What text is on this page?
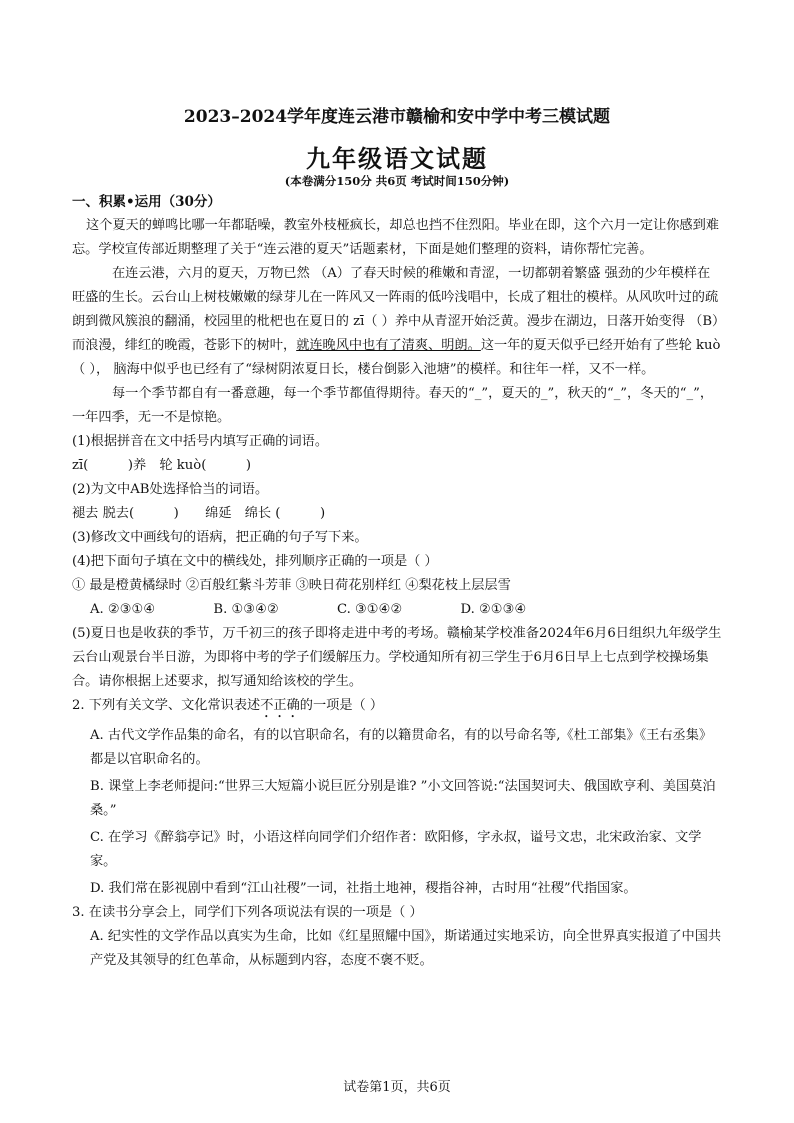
2023–2024学年度连云港市赣榆和安中学中考三模试题
九年级语文试题
(本卷满分150分 共6页 考试时间150分钟)

一、积累•运用（30分）

这个夏天的蝉鸣比哪一年都聒噪，教室外枝桠疯长，却总也挡不住烈阳。毕业在即，这个六月一定让你感到难忘。学校宣传部近期整理了关于“连云港的夏天”话题素材，下面是她们整理的资料，请你帮忙完善。

在连云港，六月的夏天，万物已然 （A）了春天时候的稚嫩和青涩，一切都朝着繁盛 强劲的少年模样在旺盛的生长。云台山上树枝嫩嫩的绿芽儿在一阵风又一阵雨的低吟浅唱中，长成了粗壮的模样。从风吹叶过的疏朗到微风簇浪的翻涌，校园里的枇杷也在夏日的 zī（ ）养中从青涩开始泛黄。漫步在湖边，日落开始变得 （B）而浪漫，绯红的晚霞，苍影下的树叶，就连晚风中也有了清爽、明朗。这一年的夏天似乎已经开始有了些轮 kuò（ ）， 脑海中似乎也已经有了“绿树阴浓夏日长，楼台倒影入池塘”的模样。和往年一样，又不一样。

每一个季节都自有一番意趣，每一个季节都值得期待。春天的“_”，夏天的_”，秋天的“_”，冬天的“_”，一年四季，无一不是惊艳。

(1)根据拼音在文中括号内填写正确的词语。

zī(　　　)养　轮 kuò(　　　)

(2)为文中AB处选择恰当的词语。

褪去 脱去(　　　)　　绵延　绵长 (　　　)

(3)修改文中画线句的语病，把正确的句子写下来。

(4)把下面句子填在文中的横线处，排列顺序正确的一项是（ ）

① 最是橙黄橘绿时 ②百般红紫斗芳菲 ③映日荷花别样红 ④梨花枝上层层雪

A. ②③①④	B. ①③④②	C. ③①④②	D. ②①③④

(5)夏日也是收获的季节，万千初三的孩子即将走进中考的考场。赣榆某学校准备2024年6月6日组织九年级学生云台山观景台半日游，为即将中考的学子们缓解压力。学校通知所有初三学生于6月6日早上七点到学校操场集合。请你根据上述要求，拟写通知给该校的学生。

2. 下列有关文学、文化常识表述不正确的一项是（ ）

A. 古代文学作品集的命名，有的以官职命名，有的以籍贯命名，有的以号命名等,《杜工部集》《王右丞集》都是以官职命名的。

B. 课堂上李老师提问:“世界三大短篇小说巨匠分别是谁? ”小文回答说:“法国契诃夫、俄国欧亨利、美国莫泊桑。”

C. 在学习《醉翁亭记》时，小语这样向同学们介绍作者：欧阳修，字永叔，谥号文忠，北宋政治家、文学家。

D. 我们常在影视剧中看到“江山社稷”一词，社指土地神，稷指谷神，古时用“社稷”代指国家。

3. 在读书分享会上，同学们下列各项说法有误的一项是（ ）

A. 纪实性的文学作品以真实为生命，比如《红星照耀中国》，斯诺通过实地采访，向全世界真实报道了中国共产党及其领导的红色革命，从标题到内容，态度不褒不贬。

试卷第1页，共6页
